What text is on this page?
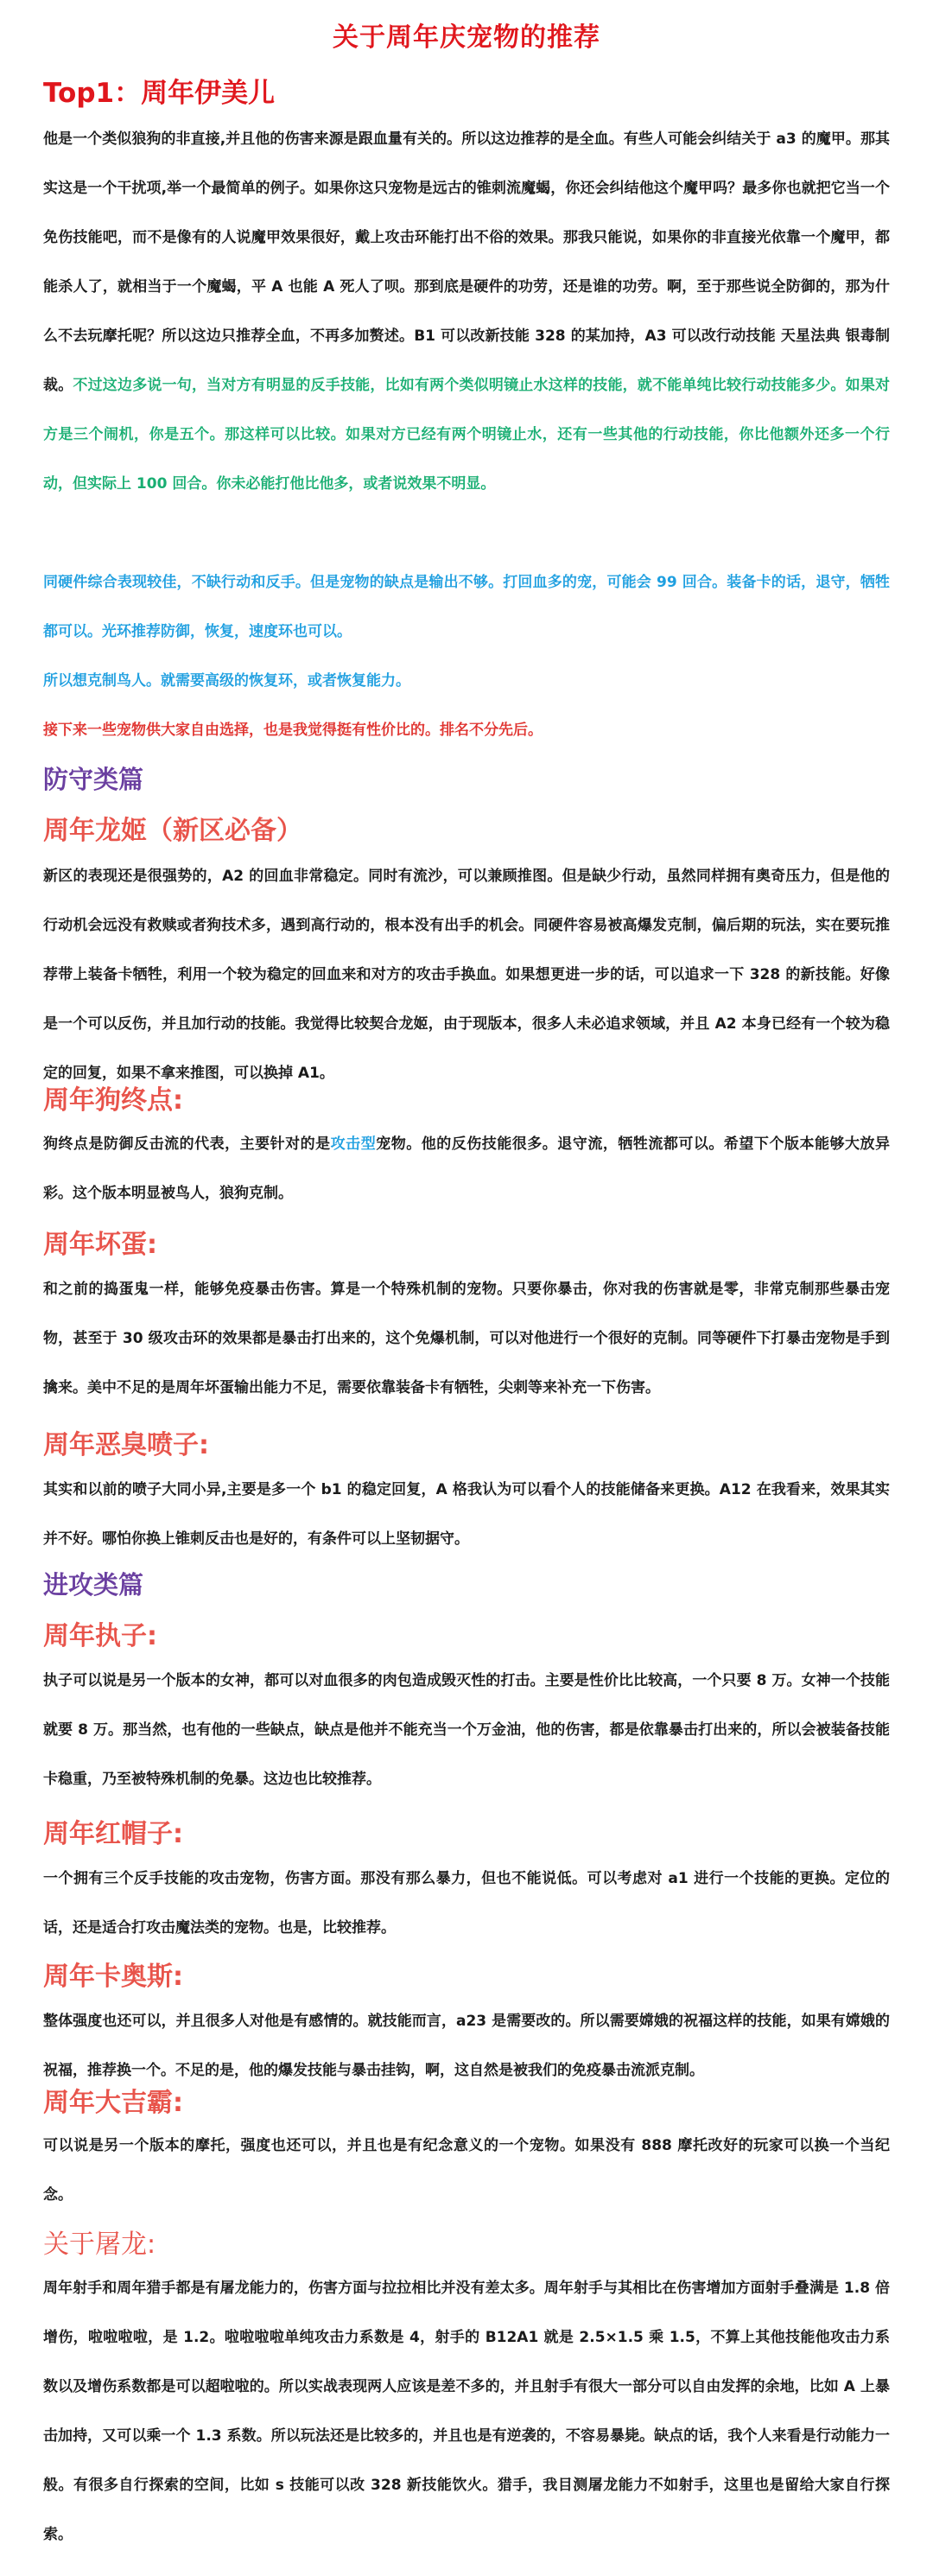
关于周年庆宠物的推荐
Top1：周年伊美儿
他是一个类似狼狗的非直接,并且他的伤害来源是跟血量有关的。所以这边推荐的是全血。有些人可能会纠结关于 a3 的魔甲。那其实这是一个干扰项,举一个最简单的例子。如果你这只宠物是远古的锥刺流魔蝎，你还会纠结他这个魔甲吗？最多你也就把它当一个免伤技能吧，而不是像有的人说魔甲效果很好，戴上攻击环能打出不俗的效果。那我只能说，如果你的非直接光依靠一个魔甲，都能杀人了，就相当于一个魔蝎，平 A 也能 A 死人了呗。那到底是硬件的功劳，还是谁的功劳。啊，至于那些说全防御的，那为什么不去玩摩托呢？所以这边只推荐全血，不再多加赘述。B1 可以改新技能 328 的某加持，A3 可以改行动技能 天星法典 银毒制裁。不过这边多说一句，当对方有明显的反手技能，比如有两个类似明镜止水这样的技能，就不能单纯比较行动技能多少。如果对方是三个闹机，你是五个。那这样可以比较。如果对方已经有两个明镜止水，还有一些其他的行动技能，你比他额外还多一个行动，但实际上 100 回合。你未必能打他比他多，或者说效果不明显。
同硬件综合表现较佳，不缺行动和反手。但是宠物的缺点是输出不够。打回血多的宠，可能会 99 回合。装备卡的话，退守，牺牲都可以。光环推荐防御，恢复，速度环也可以。
所以想克制鸟人。就需要高级的恢复环，或者恢复能力。
接下来一些宠物供大家自由选择，也是我觉得挺有性价比的。排名不分先后。
防守类篇
周年龙姬（新区必备）
新区的表现还是很强势的，A2 的回血非常稳定。同时有流沙，可以兼顾推图。但是缺少行动，虽然同样拥有奥奇压力，但是他的行动机会远没有救赎或者狗技术多，遇到高行动的，根本没有出手的机会。同硬件容易被高爆发克制，偏后期的玩法，实在要玩推荐带上装备卡牺牲，利用一个较为稳定的回血来和对方的攻击手换血。如果想更进一步的话，可以追求一下 328 的新技能。好像是一个可以反伤，并且加行动的技能。我觉得比较契合龙姬，由于现版本，很多人未必追求领域，并且 A2 本身已经有一个较为稳定的回复，如果不拿来推图，可以换掉 A1。
周年狗终点:
狗终点是防御反击流的代表，主要针对的是攻击型宠物。他的反伤技能很多。退守流，牺牲流都可以。希望下个版本能够大放异彩。这个版本明显被鸟人，狼狗克制。
周年坏蛋:
和之前的捣蛋鬼一样，能够免疫暴击伤害。算是一个特殊机制的宠物。只要你暴击，你对我的伤害就是零，非常克制那些暴击宠物，甚至于 30 级攻击环的效果都是暴击打出来的，这个免爆机制，可以对他进行一个很好的克制。同等硬件下打暴击宠物是手到擒来。美中不足的是周年坏蛋输出能力不足，需要依靠装备卡有牺牲，尖刺等来补充一下伤害。
周年恶臭喷子:
其实和以前的喷子大同小异,主要是多一个 b1 的稳定回复，A 格我认为可以看个人的技能储备来更换。A12 在我看来，效果其实并不好。哪怕你换上锥刺反击也是好的，有条件可以上坚韧据守。
进攻类篇
周年执子:
执子可以说是另一个版本的女神，都可以对血很多的肉包造成毁灭性的打击。主要是性价比比较高，一个只要 8 万。女神一个技能就要 8 万。那当然，也有他的一些缺点，缺点是他并不能充当一个万金油，他的伤害，都是依靠暴击打出来的，所以会被装备技能卡稳重，乃至被特殊机制的免暴。这边也比较推荐。
周年红帽子:
一个拥有三个反手技能的攻击宠物，伤害方面。那没有那么暴力，但也不能说低。可以考虑对 a1 进行一个技能的更换。定位的话，还是适合打攻击魔法类的宠物。也是，比较推荐。
周年卡奥斯:
整体强度也还可以，并且很多人对他是有感情的。就技能而言，a23 是需要改的。所以需要嫦娥的祝福这样的技能，如果有嫦娥的祝福，推荐换一个。不足的是，他的爆发技能与暴击挂钩，啊，这自然是被我们的免疫暴击流派克制。
周年大吉霸:
可以说是另一个版本的摩托，强度也还可以，并且也是有纪念意义的一个宠物。如果没有 888 摩托改好的玩家可以换一个当纪念。
关于屠龙:
周年射手和周年猎手都是有屠龙能力的，伤害方面与拉拉相比并没有差太多。周年射手与其相比在伤害增加方面射手叠满是 1.8 倍增伤，啦啦啦啦，是 1.2。啦啦啦啦单纯攻击力系数是 4，射手的 B12A1 就是 2.5×1.5 乘 1.5，不算上其他技能他攻击力系数以及增伤系数都是可以超啦啦的。所以实战表现两人应该是差不多的，并且射手有很大一部分可以自由发挥的余地，比如 A 上暴击加持，又可以乘一个 1.3 系数。所以玩法还是比较多的，并且也是有逆袭的，不容易暴毙。缺点的话，我个人来看是行动能力一般。有很多自行探索的空间，比如 s 技能可以改 328 新技能饮火。猎手，我目测屠龙能力不如射手，这里也是留给大家自行探索。
